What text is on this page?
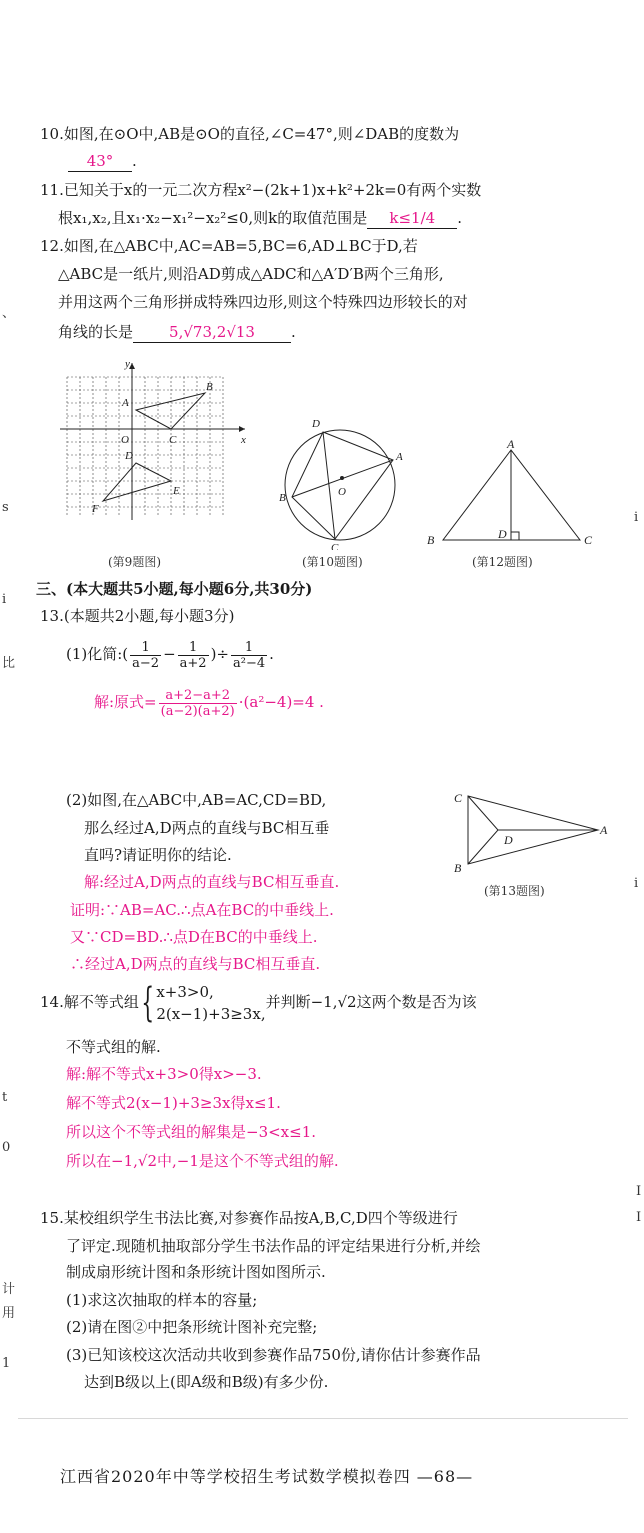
10.如图,在⊙O中,AB是⊙O的直径,∠C=47°,则∠DAB的度数为
43° .
11.已知关于x的一元二次方程x²−(2k+1)x+k²+2k=0有两个实数
根x₁,x₂,且x₁·x₂−x₁²−x₂²≤0,则k的取值范围是 k≤1/4 .
12.如图,在△ABC中,AC=AB=5,BC=6,AD⊥BC于D,若
△ABC是一纸片,则沿AD剪成△ADC和△A′D′B两个三角形,
并用这两个三角形拼成特殊四边形,则这个特殊四边形较长的对
角线的长是 5,√73,2√13 .
y
x
A
B
O	C
D
E
F
(第9题图)
D
A
B	O
C
(第10题图)
A
B	D	C
(第12题图)
三、(本大题共5小题,每小题6分,共30分)
13.(本题共2小题,每小题3分)
(1)化简:( $\frac{1}{a-2} - \frac{1}{a+2}$ )÷ $\frac{1}{\text{a²−4}}$ .
解:原式= $\frac{a+2-a+2}{(a-2)(a+2)} \cdot(a^2-4)=4$ .
(2)如图,在△ABC中,AB=AC,CD=BD,
那么经过A,D两点的直线与BC相互垂
直吗?请证明你的结论.
解:经过A,D两点的直线与BC相互垂直.
证明:∵AB=AC.∴点A在BC的中垂线上.
又∵CD=BD.∴点D在BC的中垂线上.
∴经过A,D两点的直线与BC相互垂直.
C
A
D
B
(第13题图)
14.解不等式组{ x+3>0,
2(x−1)+3≥3x,
并判断−1,√2这两个数是否为该
不等式组的解.
解:解不等式x+3>0得x>−3.
解不等式2(x−1)+3≥3x得x≤1.
所以这个不等式组的解集是−3<x≤1.
所以在−1,√2中,−1是这个不等式组的解.
15.某校组织学生书法比赛,对参赛作品按A,B,C,D四个等级进行
了评定.现随机抽取部分学生书法作品的评定结果进行分析,并绘
制成扇形统计图和条形统计图如图所示.
(1)求这次抽取的样本的容量;
(2)请在图②中把条形统计图补充完整;
(3)已知该校这次活动共收到参赛作品750份,请你估计参赛作品
达到B级以上(即A级和B级)有多少份.
江西省2020年中等学校招生考试数学模拟卷四 —68—
、
s
i
比
t
0
计
用
1
i
i
I
I
